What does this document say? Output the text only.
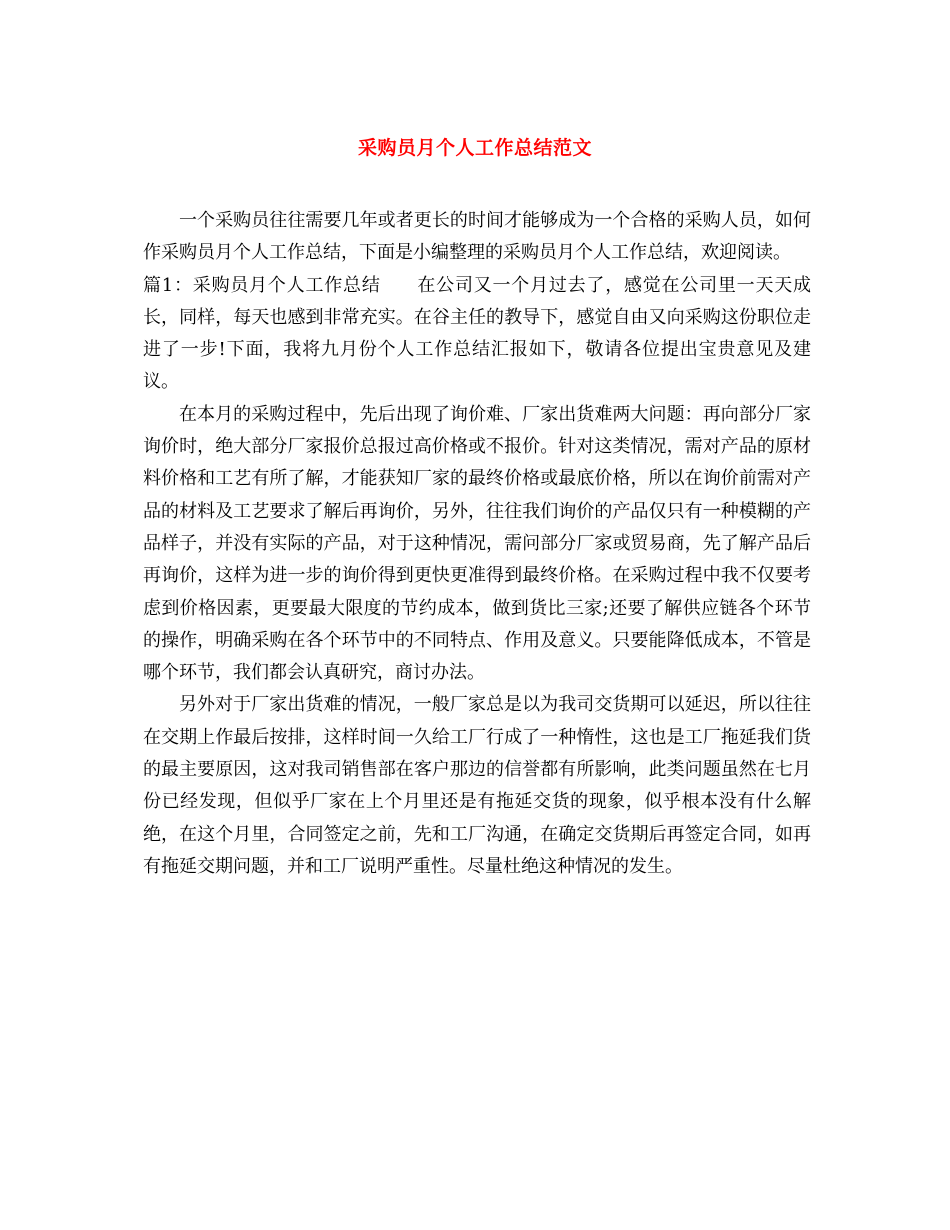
采购员月个人工作总结范文

一个采购员往往需要几年或者更长的时间才能够成为一个合格的采购人员，如何作采购员月个人工作总结，下面是小编整理的采购员月个人工作总结，欢迎阅读。

篇1：采购员月个人工作总结 在公司又一个月过去了，感觉在公司里一天天成长，同样，每天也感到非常充实。在谷主任的教导下，感觉自由又向采购这份职位走进了一步!下面，我将九月份个人工作总结汇报如下，敬请各位提出宝贵意见及建议。

在本月的采购过程中，先后出现了询价难、厂家出货难两大问题：再向部分厂家询价时，绝大部分厂家报价总报过高价格或不报价。针对这类情况，需对产品的原材料价格和工艺有所了解，才能获知厂家的最终价格或最底价格，所以在询价前需对产品的材料及工艺要求了解后再询价，另外，往往我们询价的产品仅只有一种模糊的产品样子，并没有实际的产品，对于这种情况，需问部分厂家或贸易商，先了解产品后再询价，这样为进一步的询价得到更快更准得到最终价格。在采购过程中我不仅要考虑到价格因素，更要最大限度的节约成本，做到货比三家;还要了解供应链各个环节的操作，明确采购在各个环节中的不同特点、作用及意义。只要能降低成本，不管是哪个环节，我们都会认真研究，商讨办法。

另外对于厂家出货难的情况，一般厂家总是以为我司交货期可以延迟，所以往往在交期上作最后按排，这样时间一久给工厂行成了一种惰性，这也是工厂拖延我们货的最主要原因，这对我司销售部在客户那边的信誉都有所影响，此类问题虽然在七月份已经发现，但似乎厂家在上个月里还是有拖延交货的现象，似乎根本没有什么解绝，在这个月里，合同签定之前，先和工厂沟通，在确定交货期后再签定合同，如再有拖延交期问题，并和工厂说明严重性。尽量杜绝这种情况的发生。
